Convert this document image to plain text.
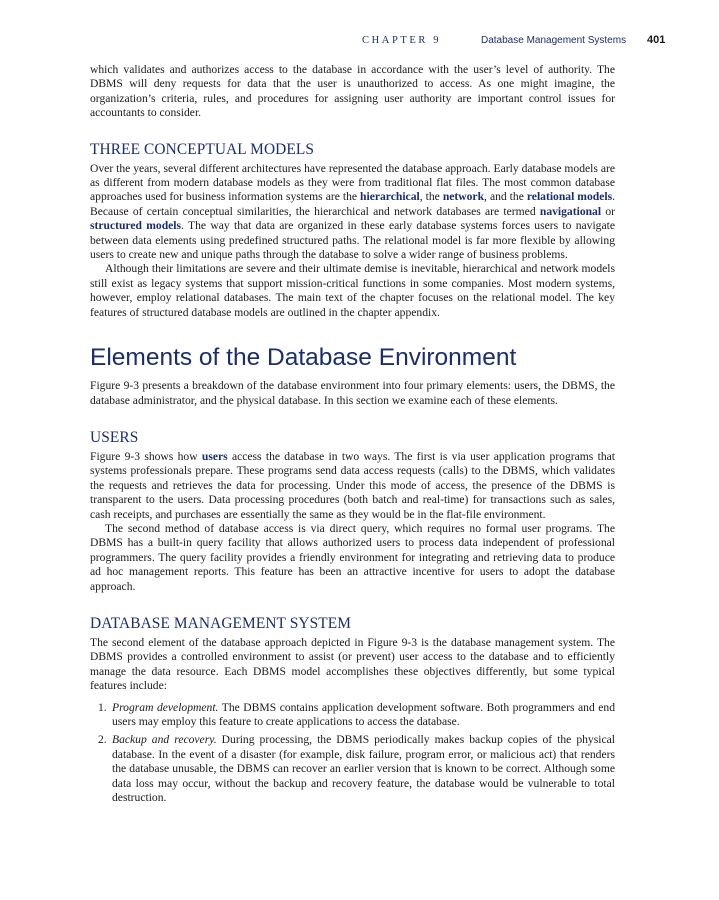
CHAPTER 9	Database Management Systems 401

which validates and authorizes access to the database in accordance with the user’s level of authority. The DBMS will deny requests for data that the user is unauthorized to access. As one might imagine, the organization’s criteria, rules, and procedures for assigning user authority are important control issues for accountants to consider.

THREE CONCEPTUAL MODELS

Over the years, several different architectures have represented the database approach. Early database models are as different from modern database models as they were from traditional flat files. The most common database approaches used for business information systems are the hierarchical, the network, and the relational models. Because of certain conceptual similarities, the hierarchical and network databases are termed navigational or structured models. The way that data are organized in these early database systems forces users to navigate between data elements using predefined structured paths. The relational model is far more flexible by allowing users to create new and unique paths through the database to solve a wider range of business problems.

Although their limitations are severe and their ultimate demise is inevitable, hierarchical and network models still exist as legacy systems that support mission-critical functions in some companies. Most modern systems, however, employ relational databases. The main text of the chapter focuses on the relational model. The key features of structured database models are outlined in the chapter appendix.

Elements of the Database Environment

Figure 9-3 presents a breakdown of the database environment into four primary elements: users, the DBMS, the database administrator, and the physical database. In this section we examine each of these elements.

USERS

Figure 9-3 shows how users access the database in two ways. The first is via user application programs that systems professionals prepare. These programs send data access requests (calls) to the DBMS, which validates the requests and retrieves the data for processing. Under this mode of access, the presence of the DBMS is transparent to the users. Data processing procedures (both batch and real-time) for transactions such as sales, cash receipts, and purchases are essentially the same as they would be in the flat-file environment.

The second method of database access is via direct query, which requires no formal user programs. The DBMS has a built-in query facility that allows authorized users to process data independent of professional programmers. The query facility provides a friendly environment for integrating and retrieving data to produce ad hoc management reports. This feature has been an attractive incentive for users to adopt the database approach.

DATABASE MANAGEMENT SYSTEM

The second element of the database approach depicted in Figure 9-3 is the database management system. The DBMS provides a controlled environment to assist (or prevent) user access to the database and to efficiently manage the data resource. Each DBMS model accomplishes these objectives differently, but some typical features include:

1. Program development. The DBMS contains application development software. Both programmers and end users may employ this feature to create applications to access the database.

2. Backup and recovery. During processing, the DBMS periodically makes backup copies of the physical database. In the event of a disaster (for example, disk failure, program error, or malicious act) that renders the database unusable, the DBMS can recover an earlier version that is known to be correct. Although some data loss may occur, without the backup and recovery feature, the database would be vulnerable to total destruction.
